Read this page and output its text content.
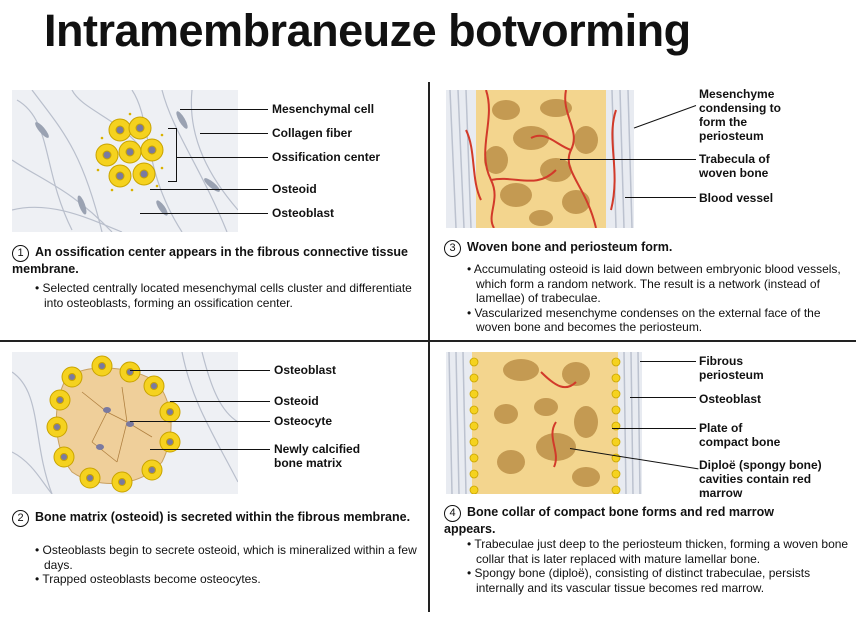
Intramembraneuze botvorming
Mesenchymal cell
Collagen fiber
Ossification center
Osteoid
Osteoblast
1 An ossification center appears in the fibrous connective tissue membrane.
• Selected centrally located mesenchymal cells cluster and differentiate into osteoblasts, forming an ossification center.
Osteoblast
Osteoid
Osteocyte
Newly calcified bone matrix
2 Bone matrix (osteoid) is secreted within the fibrous membrane.
• Osteoblasts begin to secrete osteoid, which is mineralized within a few days.
• Trapped osteoblasts become osteocytes.
Mesenchyme condensing to form the periosteum
Trabecula of woven bone
Blood vessel
3 Woven bone and periosteum form.
• Accumulating osteoid is laid down between embryonic blood vessels, which form a random network. The result is a network (instead of lamellae) of trabeculae.
• Vascularized mesenchyme condenses on the external face of the woven bone and becomes the periosteum.
Fibrous periosteum
Osteoblast
Plate of compact bone
Diploë (spongy bone) cavities contain red marrow
4 Bone collar of compact bone forms and red marrow appears.
• Trabeculae just deep to the periosteum thicken, forming a woven bone collar that is later replaced with mature lamellar bone.
• Spongy bone (diploë), consisting of distinct trabeculae, persists internally and its vascular tissue becomes red marrow.
